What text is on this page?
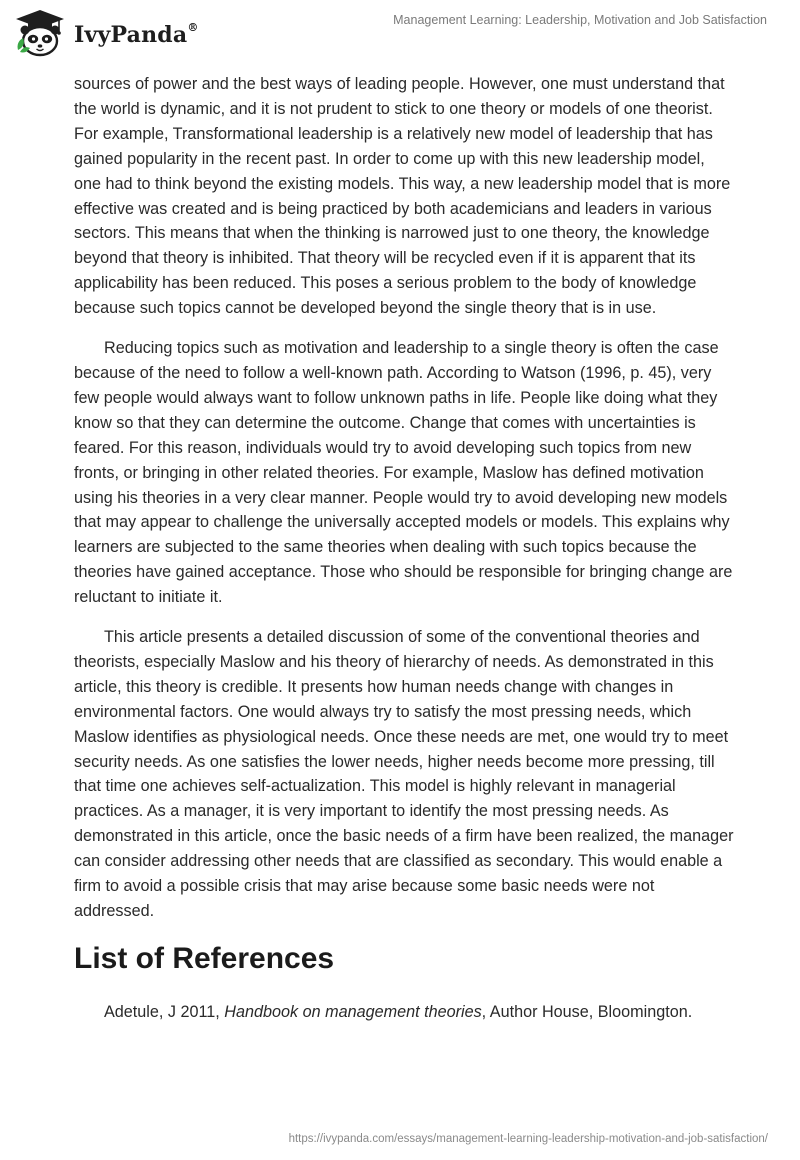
IvyPanda®
Management Learning: Leadership, Motivation and Job Satisfaction

sources of power and the best ways of leading people. However, one must understand that the world is dynamic, and it is not prudent to stick to one theory or models of one theorist. For example, Transformational leadership is a relatively new model of leadership that has gained popularity in the recent past. In order to come up with this new leadership model, one had to think beyond the existing models. This way, a new leadership model that is more effective was created and is being practiced by both academicians and leaders in various sectors. This means that when the thinking is narrowed just to one theory, the knowledge beyond that theory is inhibited. That theory will be recycled even if it is apparent that its applicability has been reduced. This poses a serious problem to the body of knowledge because such topics cannot be developed beyond the single theory that is in use.

Reducing topics such as motivation and leadership to a single theory is often the case because of the need to follow a well-known path. According to Watson (1996, p. 45), very few people would always want to follow unknown paths in life. People like doing what they know so that they can determine the outcome. Change that comes with uncertainties is feared. For this reason, individuals would try to avoid developing such topics from new fronts, or bringing in other related theories. For example, Maslow has defined motivation using his theories in a very clear manner. People would try to avoid developing new models that may appear to challenge the universally accepted models or models. This explains why learners are subjected to the same theories when dealing with such topics because the theories have gained acceptance. Those who should be responsible for bringing change are reluctant to initiate it.

This article presents a detailed discussion of some of the conventional theories and theorists, especially Maslow and his theory of hierarchy of needs. As demonstrated in this article, this theory is credible. It presents how human needs change with changes in environmental factors. One would always try to satisfy the most pressing needs, which Maslow identifies as physiological needs. Once these needs are met, one would try to meet security needs. As one satisfies the lower needs, higher needs become more pressing, till that time one achieves self-actualization. This model is highly relevant in managerial practices. As a manager, it is very important to identify the most pressing needs. As demonstrated in this article, once the basic needs of a firm have been realized, the manager can consider addressing other needs that are classified as secondary. This would enable a firm to avoid a possible crisis that may arise because some basic needs were not addressed.

List of References

Adetule, J 2011, Handbook on management theories, Author House, Bloomington.

https://ivypanda.com/essays/management-learning-leadership-motivation-and-job-satisfaction/
